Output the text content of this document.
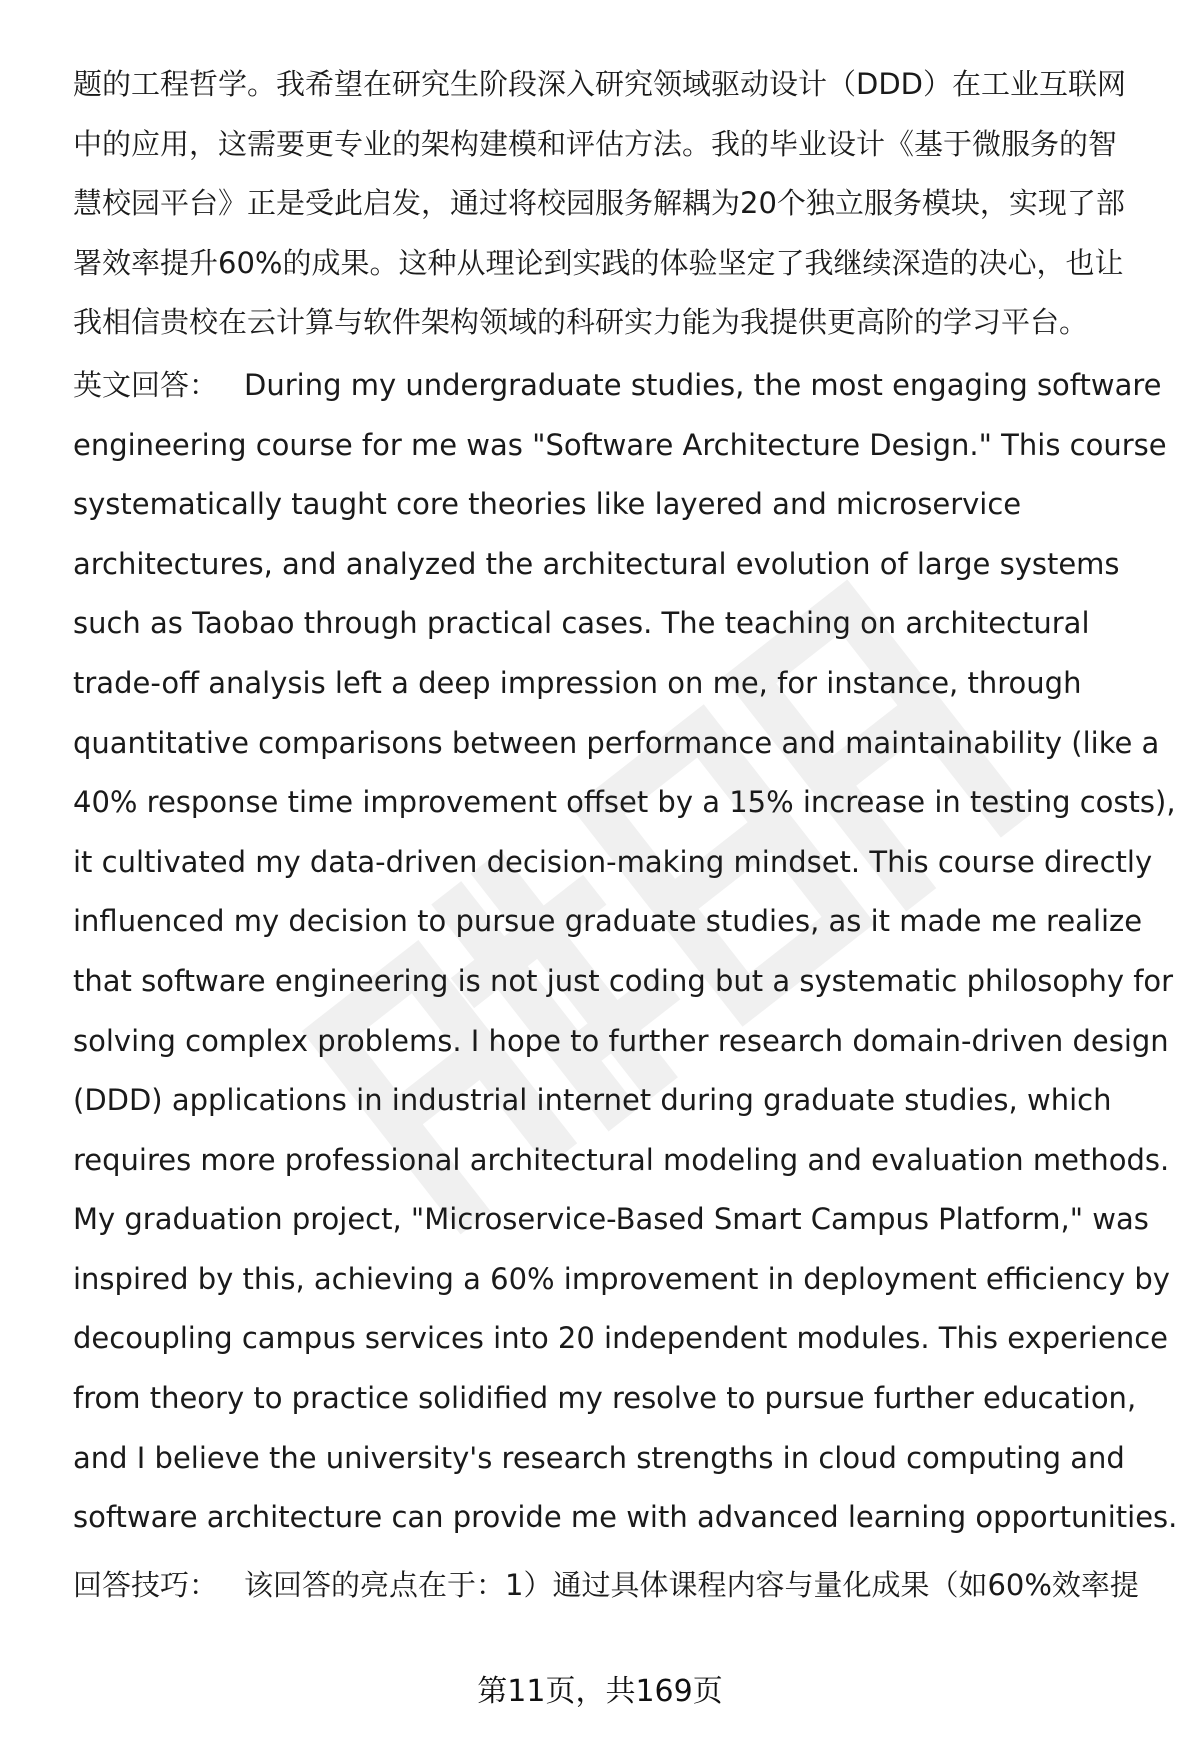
题的工程哲学。我希望在研究生阶段深入研究领域驱动设计（DDD）在工业互联网
中的应用，这需要更专业的架构建模和评估方法。我的毕业设计《基于微服务的智
慧校园平台》正是受此启发，通过将校园服务解耦为20个独立服务模块，实现了部
署效率提升60%的成果。这种从理论到实践的体验坚定了我继续深造的决心，也让
我相信贵校在云计算与软件架构领域的科研实力能为我提供更高阶的学习平台。
英文回答： During my undergraduate studies, the most engaging software
engineering course for me was "Software Architecture Design." This course
systematically taught core theories like layered and microservice
architectures, and analyzed the architectural evolution of large systems
such as Taobao through practical cases. The teaching on architectural
trade-off analysis left a deep impression on me, for instance, through
quantitative comparisons between performance and maintainability (like a
40% response time improvement offset by a 15% increase in testing costs),
it cultivated my data-driven decision-making mindset. This course directly
influenced my decision to pursue graduate studies, as it made me realize
that software engineering is not just coding but a systematic philosophy for
solving complex problems. I hope to further research domain-driven design
(DDD) applications in industrial internet during graduate studies, which
requires more professional architectural modeling and evaluation methods.
My graduation project, "Microservice-Based Smart Campus Platform," was
inspired by this, achieving a 60% improvement in deployment efficiency by
decoupling campus services into 20 independent modules. This experience
from theory to practice solidified my resolve to pursue further education,
and I believe the university's research strengths in cloud computing and
software architecture can provide me with advanced learning opportunities.
回答技巧： 该回答的亮点在于：1）通过具体课程内容与量化成果（如60%效率提
第11页，共169页
